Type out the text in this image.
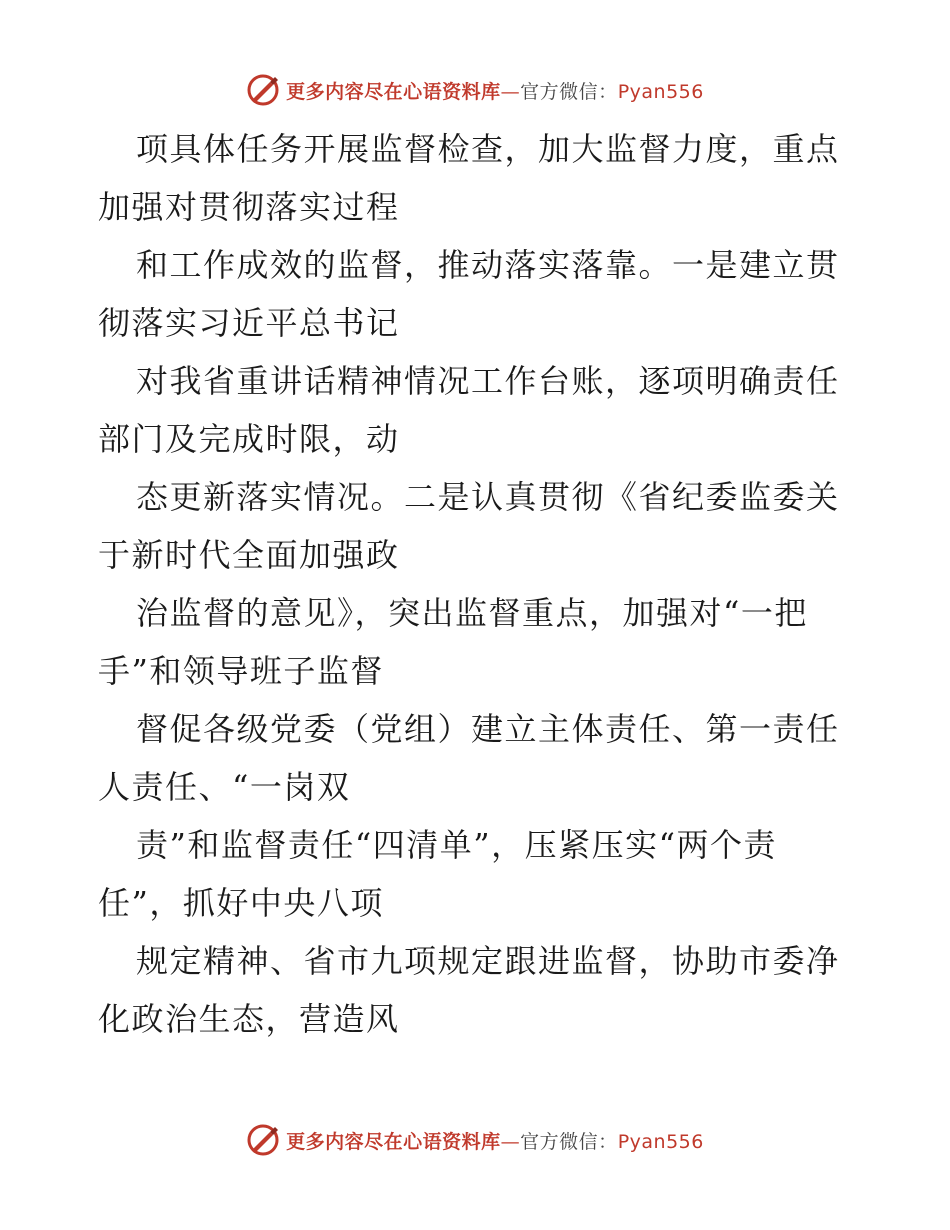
更多内容尽在心语资料库—官方微信：Pyan556
项具体任务开展监督检查，加大监督力度，重点
加强对贯彻落实过程
和工作成效的监督，推动落实落靠。一是建立贯
彻落实习近平总书记
对我省重讲话精神情况工作台账，逐项明确责任
部门及完成时限，动
态更新落实情况。二是认真贯彻《省纪委监委关
于新时代全面加强政
治监督的意见》，突出监督重点，加强对“一把
手”和领导班子监督
督促各级党委（党组）建立主体责任、第一责任
人责任、“一岗双
责”和监督责任“四清单”，压紧压实“两个责
任”，抓好中央八项
规定精神、省市九项规定跟进监督，协助市委净
化政治生态，营造风
更多内容尽在心语资料库—官方微信：Pyan556
